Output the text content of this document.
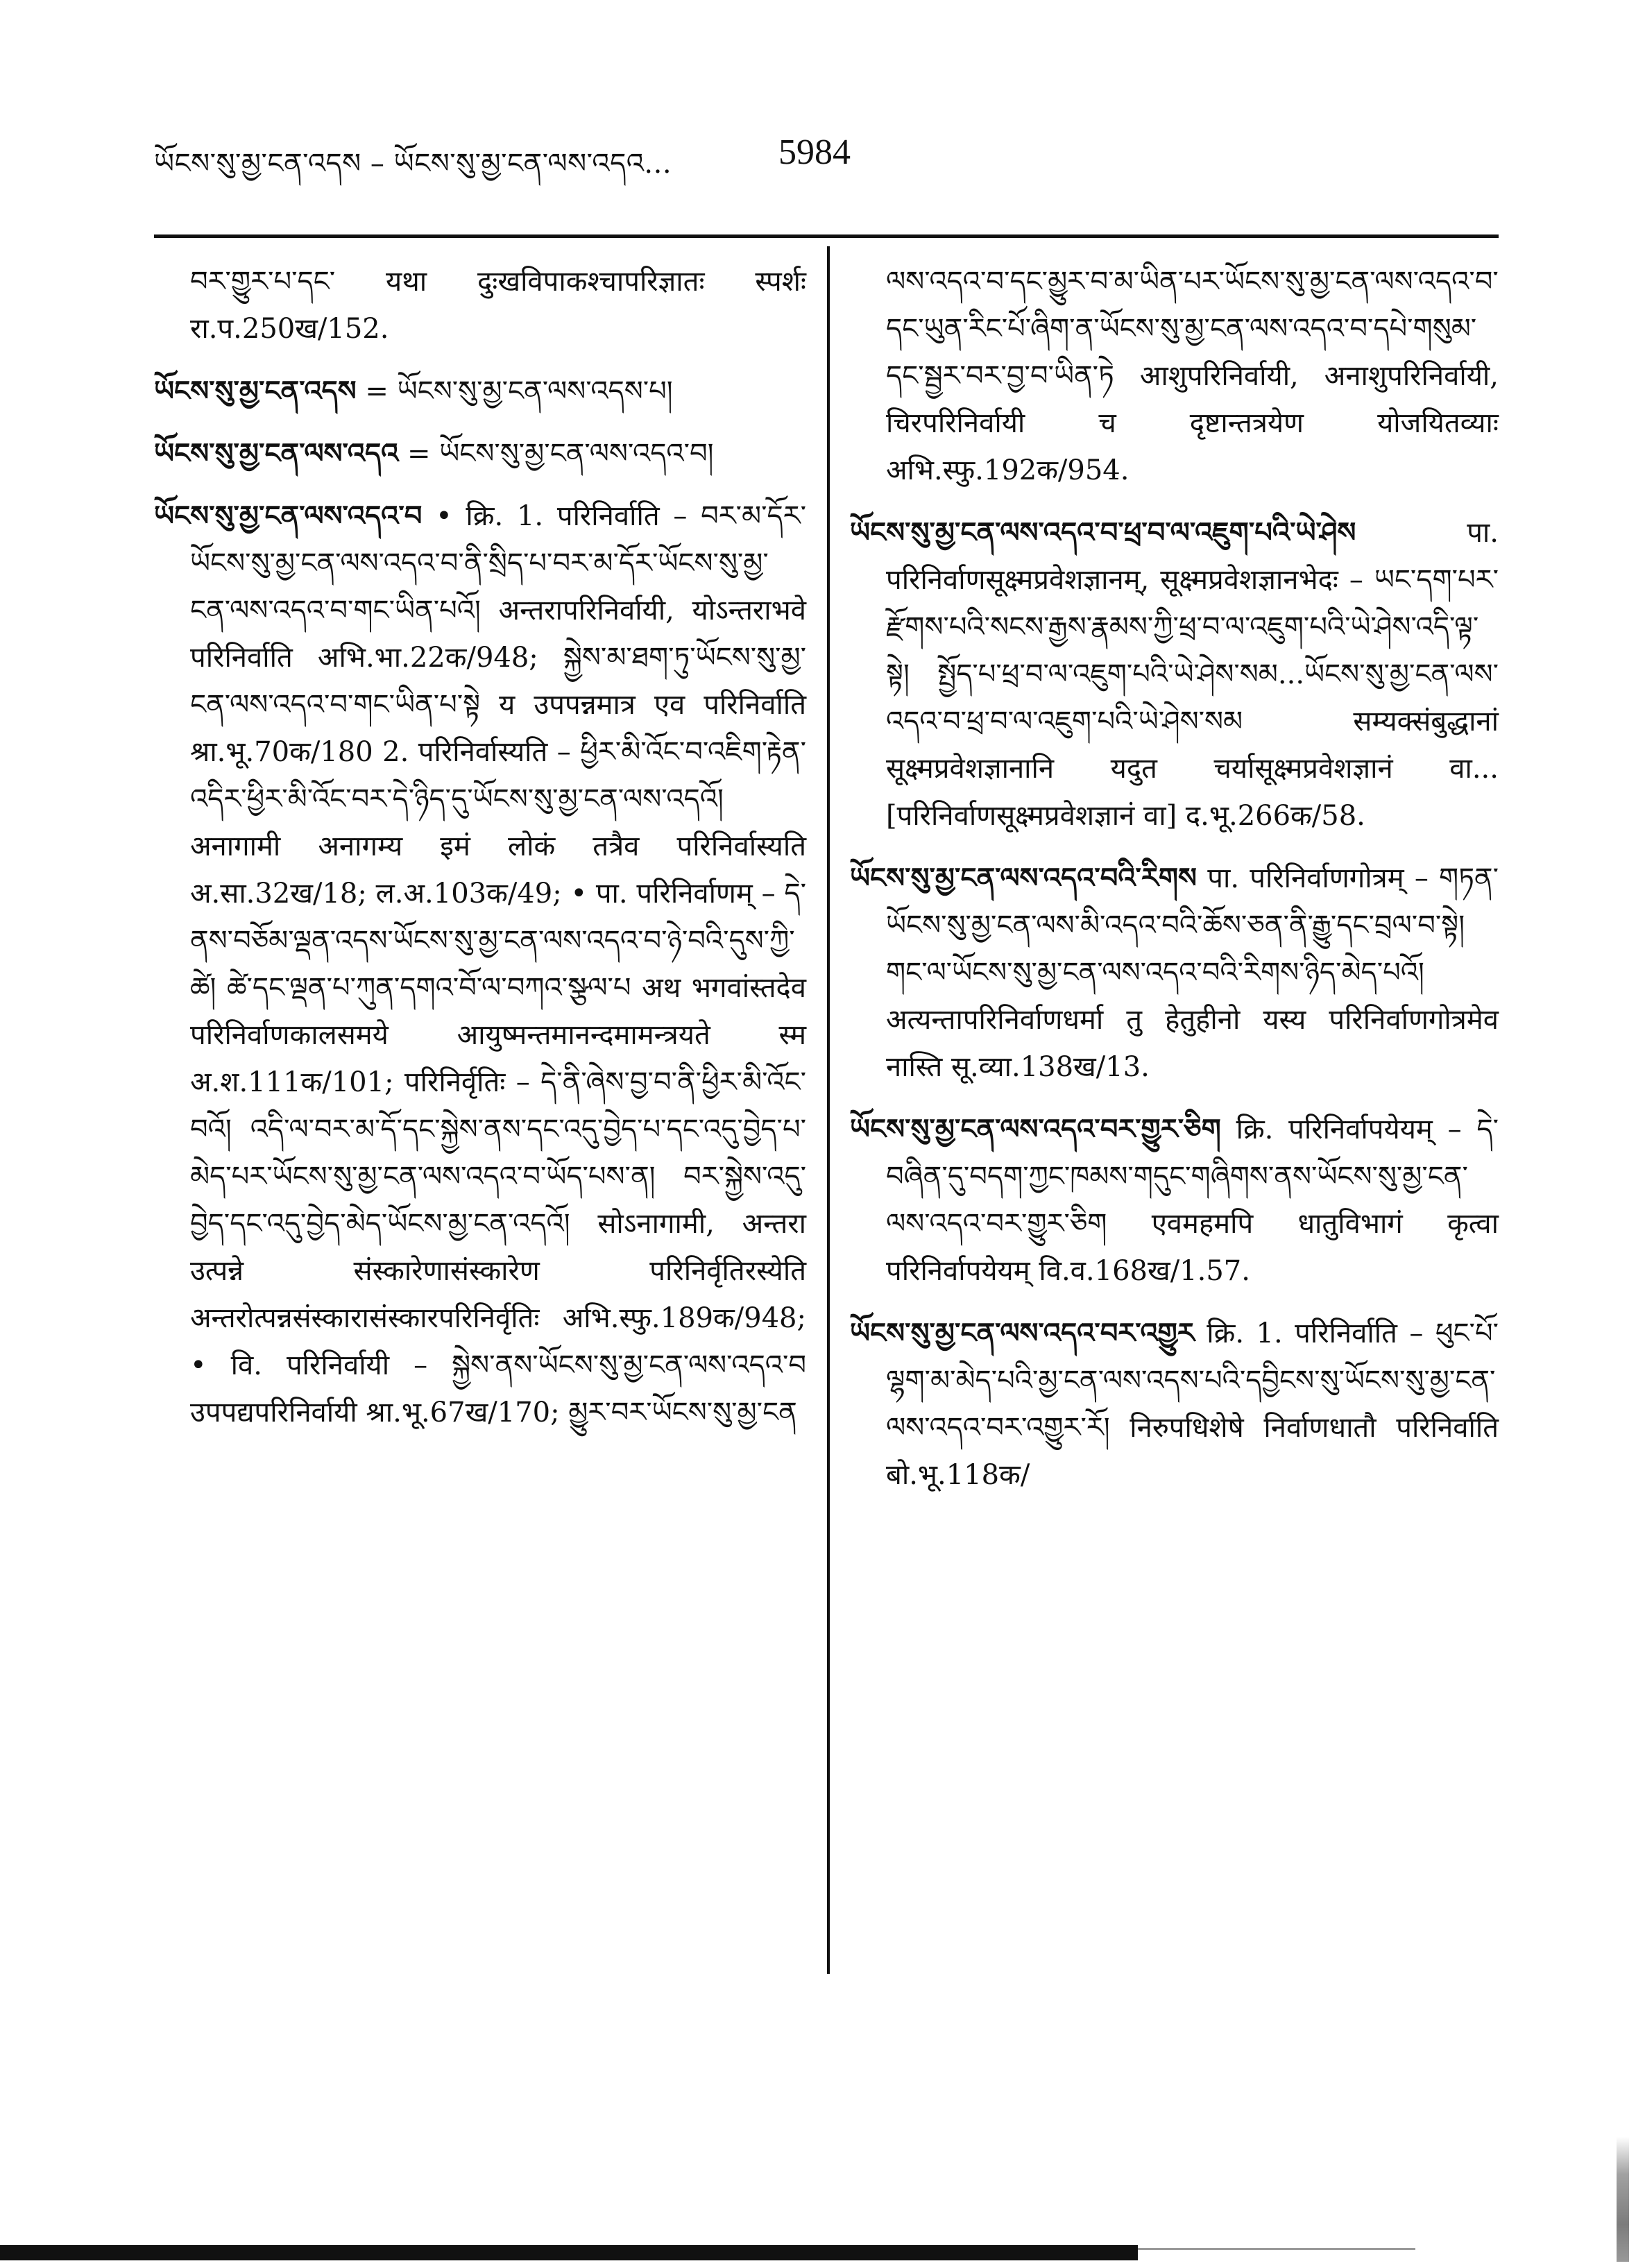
ཡོངས་སུ་མྱ་ངན་འདས – ཡོངས་སུ་མྱ་ངན་ལས་འདའ...	5984

བར་གྱུར་པ་དང་ यथा दुःखविपाकश्चापरिज्ञातः स्पर्शः रा.प.250ख/152.

ཡོངས་སུ་མྱ་ངན་འདས = ཡོངས་སུ་མྱ་ངན་ལས་འདས་པ།

ཡོངས་སུ་མྱ་ངན་ལས་འདའ = ཡོངས་སུ་མྱ་ངན་ལས་འདའ་བ།

ཡོངས་སུ་མྱ་ངན་ལས་འདའ་བ • क्रि. 1. परिनिर्वाति – བར་མ་དོར་ཡོངས་སུ་མྱ་ངན་ལས་འདའ་བ་ནི་སྲིད་པ་བར་མ་དོར་ཡོངས་སུ་མྱ་ངན་ལས་འདའ་བ་གང་ཡིན་པའོ། अन्तरापरिनिर्वायी, योऽन्तराभवे परिनिर्वाति अभि.भा.22क/948; སྐྱེས་མ་ཐག་ཏུ་ཡོངས་སུ་མྱ་ངན་ལས་འདའ་བ་གང་ཡིན་པ་སྟེ य उपपन्नमात्र एव परिनिर्वाति श्रा.भू.70क/180 2. परिनिर्वास्यति – ཕྱིར་མི་འོང་བ་འཇིག་རྟེན་འདིར་ཕྱིར་མི་འོང་བར་དེ་ཉིད་དུ་ཡོངས་སུ་མྱ་ངན་ལས་འདའོ། अनागामी अनागम्य इमं लोकं तत्रैव परिनिर्वास्यति अ.सा.32ख/18; ल.अ.103क/49; • पा. परिनिर्वाणम् – དེ་ནས་བཅོམ་ལྡན་འདས་ཡོངས་སུ་མྱ་ངན་ལས་འདའ་བ་ཉེ་བའི་དུས་ཀྱི་ཚེ། ཚེ་དང་ལྡན་པ་ཀུན་དགའ་བོ་ལ་བཀའ་སྩལ་པ अथ भगवांस्तदेव परिनिर्वाणकालसमये आयुष्मन्तमानन्दमामन्त्रयते स्म अ.श.111क/101; परिनिर्वृतिः – དེ་ནི་ཞེས་བྱ་བ་ནི་ཕྱིར་མི་འོང་བའོ། འདི་ལ་བར་མ་དོ་དང་སྐྱེས་ནས་དང་འདུ་བྱེད་པ་དང་འདུ་བྱེད་པ་མེད་པར་ཡོངས་སུ་མྱ་ངན་ལས་འདའ་བ་ཡོད་པས་ན། བར་སྐྱེས་འདུ་བྱེད་དང་འདུ་བྱེད་མེད་ཡོངས་མྱ་ངན་འདའོ། सोऽनागामी, अन्तरा उत्पन्ने संस्कारेणासंस्कारेण परिनिर्वृतिरस्येति अन्तरोत्पन्नसंस्कारासंस्कारपरिनिर्वृतिः अभि.स्फु.189क/948; • वि. परिनिर्वायी – སྐྱེས་ནས་ཡོངས་སུ་མྱ་ངན་ལས་འདའ་བ उपपद्यपरिनिर्वायी श्रा.भू.67ख/170; མྱུར་བར་ཡོངས་སུ་མྱ་ངན

ལས་འདའ་བ་དང་མྱུར་བ་མ་ཡིན་པར་ཡོངས་སུ་མྱ་ངན་ལས་འདའ་བ་དང་ཡུན་རིང་པོ་ཞིག་ན་ཡོངས་སུ་མྱ་ངན་ལས་འདའ་བ་དཔེ་གསུམ་དང་སྦྱར་བར་བྱ་བ་ཡིན་ཏེ आशुपरिनिर्वायी, अनाशुपरिनिर्वायी, चिरपरिनिर्वायी च दृष्टान्तत्रयेण योजयितव्याः अभि.स्फु.192क/954.

ཡོངས་སུ་མྱ་ངན་ལས་འདའ་བ་ཕྲ་བ་ལ་འཇུག་པའི་ཡེ་ཤེས	पा. परिनिर्वाणसूक्ष्मप्रवेशज्ञानम्, सूक्ष्मप्रवेशज्ञानभेदः – ཡང་དག་པར་རྫོགས་པའི་སངས་རྒྱས་རྣམས་ཀྱི་ཕྲ་བ་ལ་འཇུག་པའི་ཡེ་ཤེས་འདི་ལྟ་སྟེ། སྤྱོད་པ་ཕྲ་བ་ལ་འཇུག་པའི་ཡེ་ཤེས་སམ...ཡོངས་སུ་མྱ་ངན་ལས་འདའ་བ་ཕྲ་བ་ལ་འཇུག་པའི་ཡེ་ཤེས་སམ सम्यक्संबुद्धानां सूक्ष्मप्रवेशज्ञानानि यदुत चर्यासूक्ष्मप्रवेशज्ञानं वा...[परिनिर्वाणसूक्ष्मप्रवेशज्ञानं वा] द.भू.266क/58.

ཡོངས་སུ་མྱ་ངན་ལས་འདའ་བའི་རིགས पा. परिनिर्वाणगोत्रम् – གཏན་ཡོངས་སུ་མྱ་ངན་ལས་མི་འདའ་བའི་ཆོས་ཅན་ནི་རྒྱུ་དང་བྲལ་བ་སྟེ། གང་ལ་ཡོངས་སུ་མྱ་ངན་ལས་འདའ་བའི་རིགས་ཉིད་མེད་པའོ། अत्यन्तापरिनिर्वाणधर्मा तु हेतुहीनो यस्य परिनिर्वाणगोत्रमेव नास्ति सू.व्या.138ख/13.

ཡོངས་སུ་མྱ་ངན་ལས་འདའ་བར་གྱུར་ཅིག क्रि. परिनिर्वापयेयम् – དེ་བཞིན་དུ་བདག་ཀྱང་ཁམས་གདུང་གཞིགས་ནས་ཡོངས་སུ་མྱ་ངན་ལས་འདའ་བར་གྱུར་ཅིག एवमहमपि धातुविभागं कृत्वा परिनिर्वापयेयम् वि.व.168ख/1.57.

ཡོངས་སུ་མྱ་ངན་ལས་འདའ་བར་འགྱུར क्रि. 1. परिनिर्वाति – ཕུང་པོ་ལྷག་མ་མེད་པའི་མྱ་ངན་ལས་འདས་པའི་དབྱིངས་སུ་ཡོངས་སུ་མྱ་ངན་ལས་འདའ་བར་འགྱུར་རོ། निरुपधिशेषे निर्वाणधातौ परिनिर्वाति बो.भू.118क/
